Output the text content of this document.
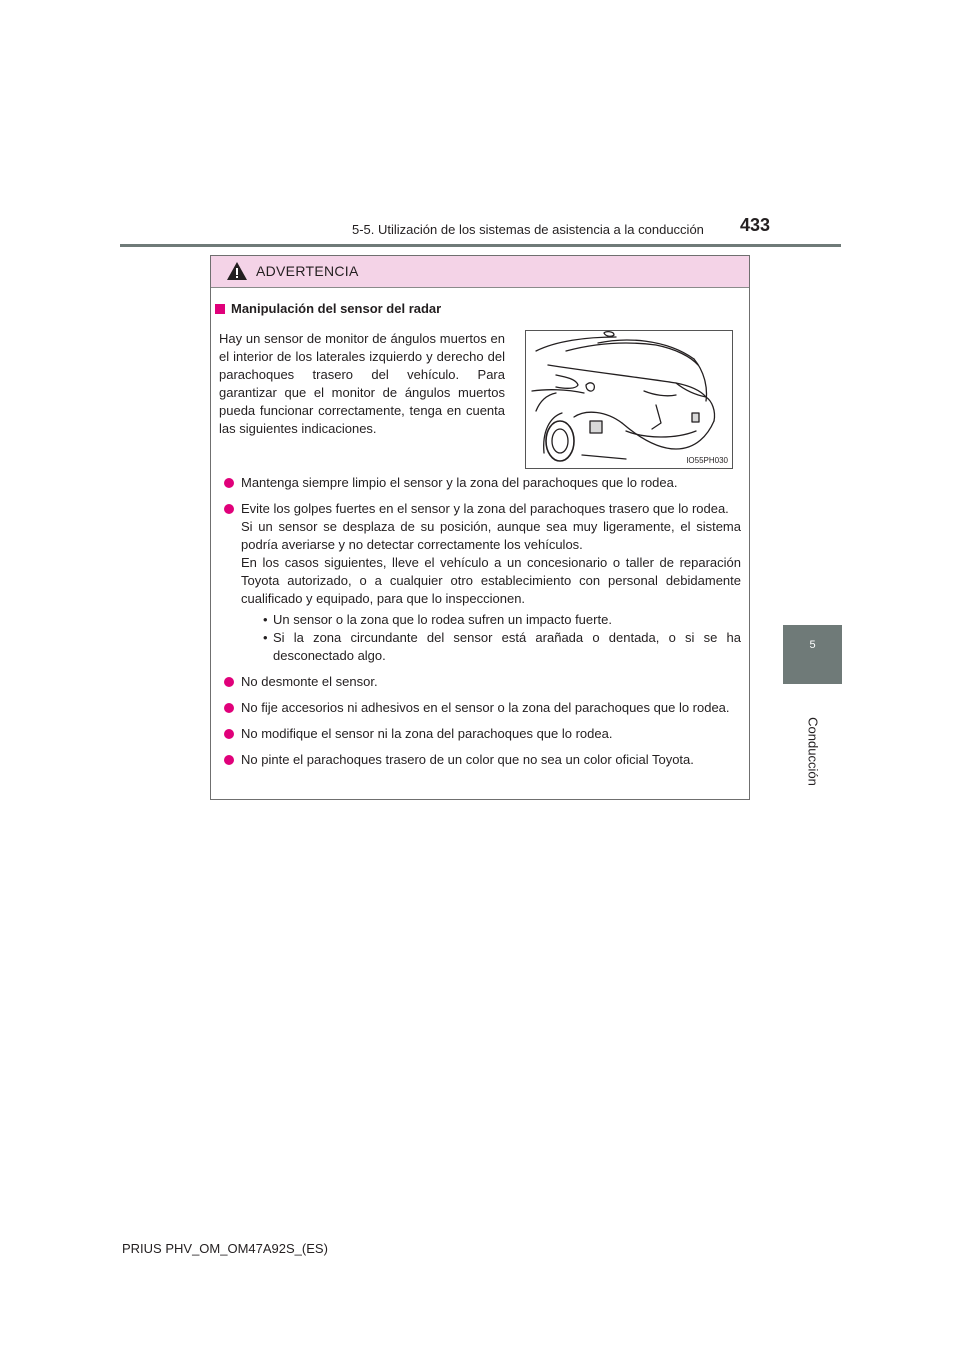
5-5. Utilización de los sistemas de asistencia a la conducción 433
5
Conducción
ADVERTENCIA
Manipulación del sensor del radar
Hay un sensor de monitor de ángulos muertos en el interior de los laterales izquierdo y derecho del parachoques trasero del vehículo. Para garantizar que el monitor de ángulos muertos pueda funcionar correctamente, tenga en cuenta las siguientes indicaciones.
IO55PH030

Mantenga siempre limpio el sensor y la zona del parachoques que lo rodea.

Evite los golpes fuertes en el sensor y la zona del parachoques trasero que lo rodea.

Si un sensor se desplaza de su posición, aunque sea muy ligeramente, el sistema podría averiarse y no detectar correctamente los vehículos.

En los casos siguientes, lleve el vehículo a un concesionario o taller de reparación Toyota autorizado, o a cualquier otro establecimiento con personal debidamente cualificado y equipado, para que lo inspeccionen.

• Un sensor o la zona que lo rodea sufren un impacto fuerte.
• Si la zona circundante del sensor está arañada o dentada, o si se ha desconectado algo.

No desmonte el sensor.

No fije accesorios ni adhesivos en el sensor o la zona del parachoques que lo rodea.

No modifique el sensor ni la zona del parachoques que lo rodea.

No pinte el parachoques trasero de un color que no sea un color oficial Toyota.

PRIUS PHV_OM_OM47A92S_(ES)
